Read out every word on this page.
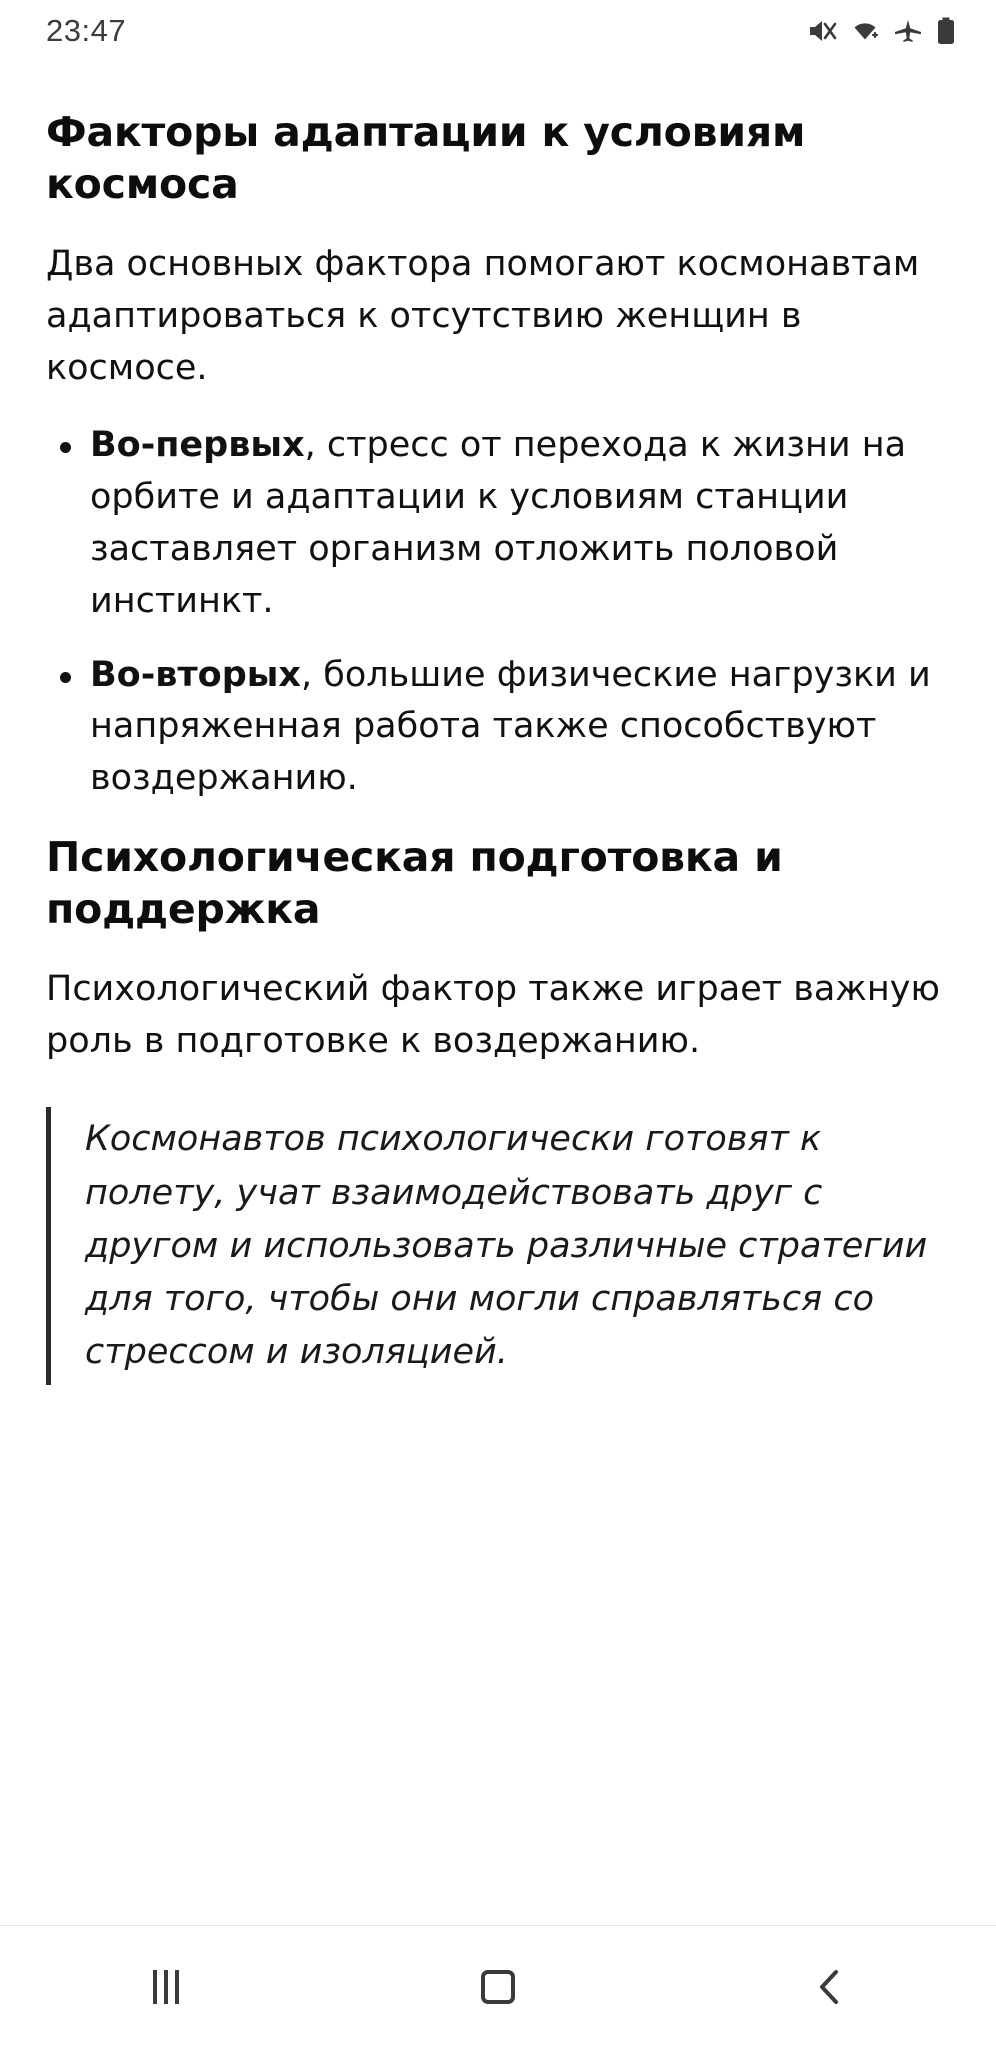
23:47
Факторы адаптации к условиям космоса

Два основных фактора помогают космонавтам адаптироваться к отсутствию женщин в космосе.

Во-первых, стресс от перехода к жизни на орбите и адаптации к условиям станции заставляет организм отложить половой инстинкт.
Во-вторых, большие физические нагрузки и напряженная работа также способствуют воздержанию.
Психологическая подготовка и поддержка

Психологический фактор также играет важную роль в подготовке к воздержанию.

Космонавтов психологически готовят к полету, учат взаимодействовать друг с другом и использовать различные стратегии для того, чтобы они могли справляться со стрессом и изоляцией.
